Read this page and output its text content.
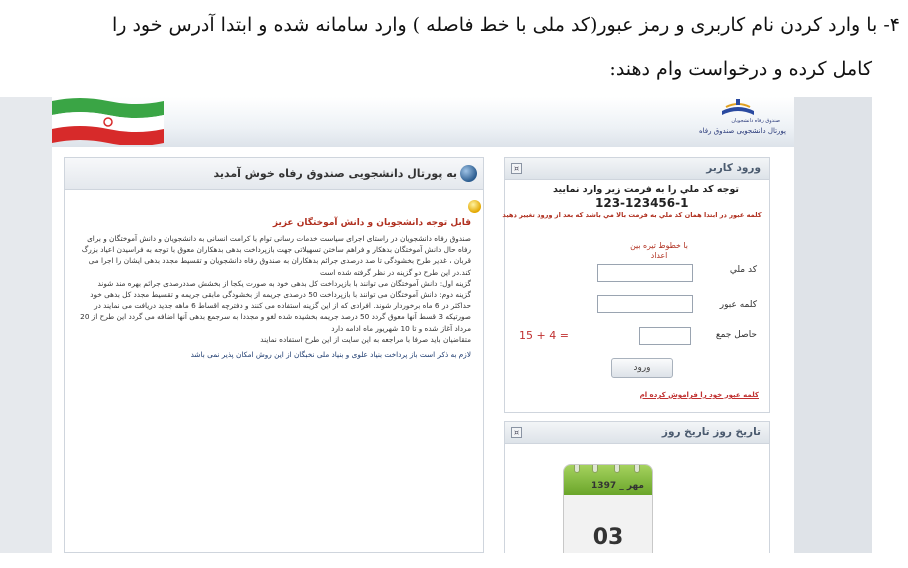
۴- با وارد کردن نام کاربری و رمز عبور(کد ملی با خط فاصله ) وارد سامانه شده و ابتدا آدرس خود را
کامل کرده و درخواست وام دهند:
صندوق رفاه دانشجویان
پورتال دانشجویی صندوق رفاه
به پورتال دانشجویی صندوق رفاه خوش آمدید
قابل توجه دانشجویان و دانش آموختگان عزیز

صندوق رفاه دانشجویان در راستای اجرای سیاست خدمات رسانی توام با کرامت انسانی به دانشجویان و دانش آموختگان و برای رفاه حال دانش آموختگان بدهکار و فراهم ساختن تسهیلاتی جهت بازپرداخت بدهی بدهکاران معوق با توجه به فراسیدن اعیاد بزرگ قربان ، غدیر طرح بخشودگی تا صد درصدی جرائم بدهکاران به صندوق رفاه دانشجویان و تقسیط مجدد بدهی ایشان را اجرا می کند.در این طرح دو گزینه در نظر گرفته شده است

گزینه اول: دانش آموختگان می توانند با بازپرداخت کل بدهی خود به صورت یکجا از بخشش صددرصدی جرائم بهره مند شوند

گزینه دوم: دانش آموختگان می توانند با بازپرداخت 50 درصدی جریمه از بخشودگی مابقی جریمه و تقسیط مجدد کل بدهی خود حداکثر در 6 ماه برخوردار شوند. افرادی که از این گزینه استفاده می کنند و دفترچه اقساط 6 ماهه جدید دریافت می نمایند در صورتیکه 3 قسط آنها معوق گردد 50 درصد جریمه بخشیده شده لغو و مجددا به سرجمع بدهی آنها اضافه می گردد این طرح از 20 مرداد آغاز شده و تا 10 شهریور ماه ادامه دارد

متقاضیان باید صرفا با مراجعه به این سایت از این طرح استفاده نمایند

لازم به ذکر است باز پرداخت بنیاد علوی و بنیاد ملی نخبگان از این روش امکان پذیر نمی باشد

ورود کاربر
¤
توجه کد ملي را به فرمت زير وارد نماييد
123-123456-1
کلمه عبور در ابتدا همان کد ملي به فرمت بالا مي باشد که بعد از ورود تغيير دهيد
کد ملي
با خطوط تیره بین اعداد
کلمه عبور
حاصل جمع
15 + 4 =
ورود
کلمه عبور خود را فراموش کرده ام
تاریخ روز تاریخ روز
¤
مهر _ 1397
03
